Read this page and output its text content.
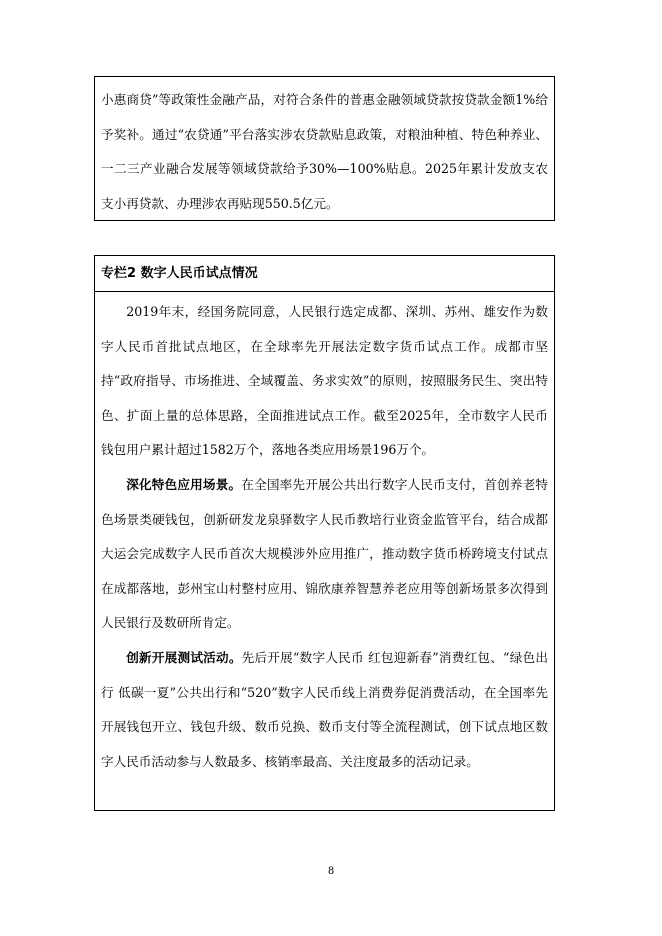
小惠商贷”等政策性金融产品，对符合条件的普惠金融领域贷款按贷款金额1%给予奖补。通过“农贷通”平台落实涉农贷款贴息政策，对粮油种植、特色种养业、一二三产业融合发展等领域贷款给予30%—100%贴息。2025年累计发放支农支小再贷款、办理涉农再贴现550.5亿元。

专栏2 数字人民币试点情况

2019年末，经国务院同意，人民银行选定成都、深圳、苏州、雄安作为数字人民币首批试点地区，在全球率先开展法定数字货币试点工作。成都市坚持“政府指导、市场推进、全域覆盖、务求实效”的原则，按照服务民生、突出特色、扩面上量的总体思路，全面推进试点工作。截至2025年，全市数字人民币钱包用户累计超过1582万个，落地各类应用场景196万个。

深化特色应用场景。在全国率先开展公共出行数字人民币支付，首创养老特色场景类硬钱包，创新研发龙泉驿数字人民币教培行业资金监管平台，结合成都大运会完成数字人民币首次大规模涉外应用推广，推动数字货币桥跨境支付试点在成都落地，彭州宝山村整村应用、锦欣康养智慧养老应用等创新场景多次得到人民银行及数研所肯定。

创新开展测试活动。先后开展“数字人民币 红包迎新春”消费红包、“绿色出行 低碳一夏”公共出行和“520”数字人民币线上消费券促消费活动，在全国率先开展钱包开立、钱包升级、数币兑换、数币支付等全流程测试，创下试点地区数字人民币活动参与人数最多、核销率最高、关注度最多的活动记录。

8
